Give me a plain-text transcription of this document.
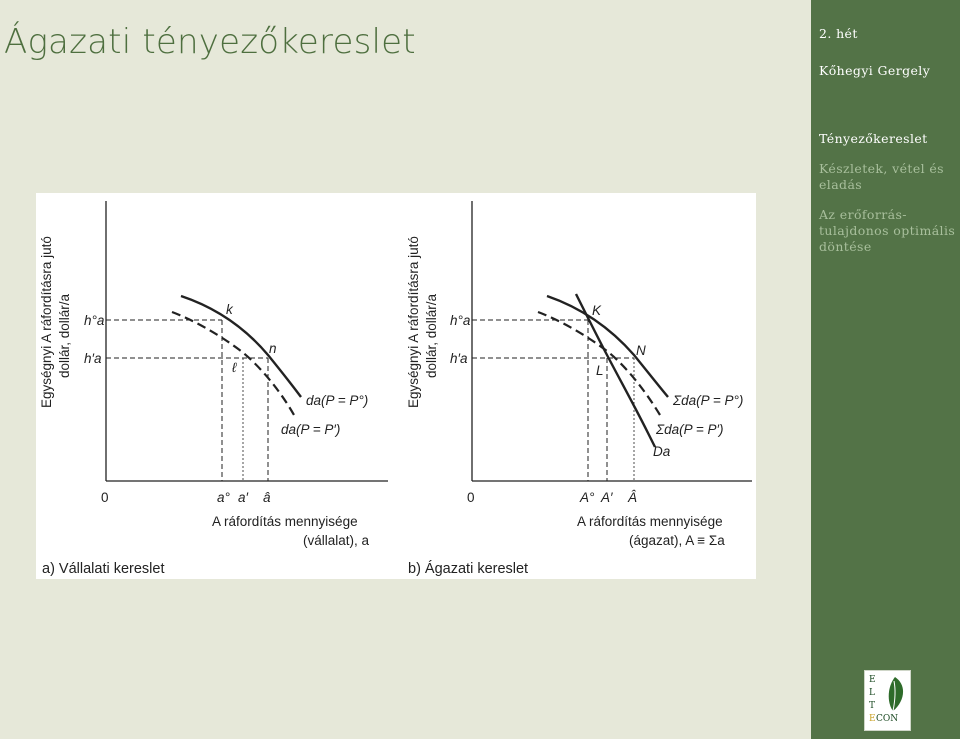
Ágazati tényezőkereslet	2. hét
Kőhegyi Gergely
Tényezőkereslet
Készletek, vétel és eladás
Az erőforrás-tulajdonos optimális döntése
E
L
T
E CON
Egységnyi A ráfordításra jutó dollár, dollár/a
0
h°a
h′a
k
n
ℓ
da(P = P°)
da(P = P′)
a° a′ â
A ráfordítás mennyisége
(vállalat), a
a) Vállalati kereslet
Egységnyi A ráfordításra jutó dollár, dollár/a
0
h°a
h′a
K
N
L
Σda(P = P°)
Σda(P = P′)
Da
A° A′ Â
A ráfordítás mennyisége
(ágazat), A ≡ Σa
b) Ágazati kereslet
